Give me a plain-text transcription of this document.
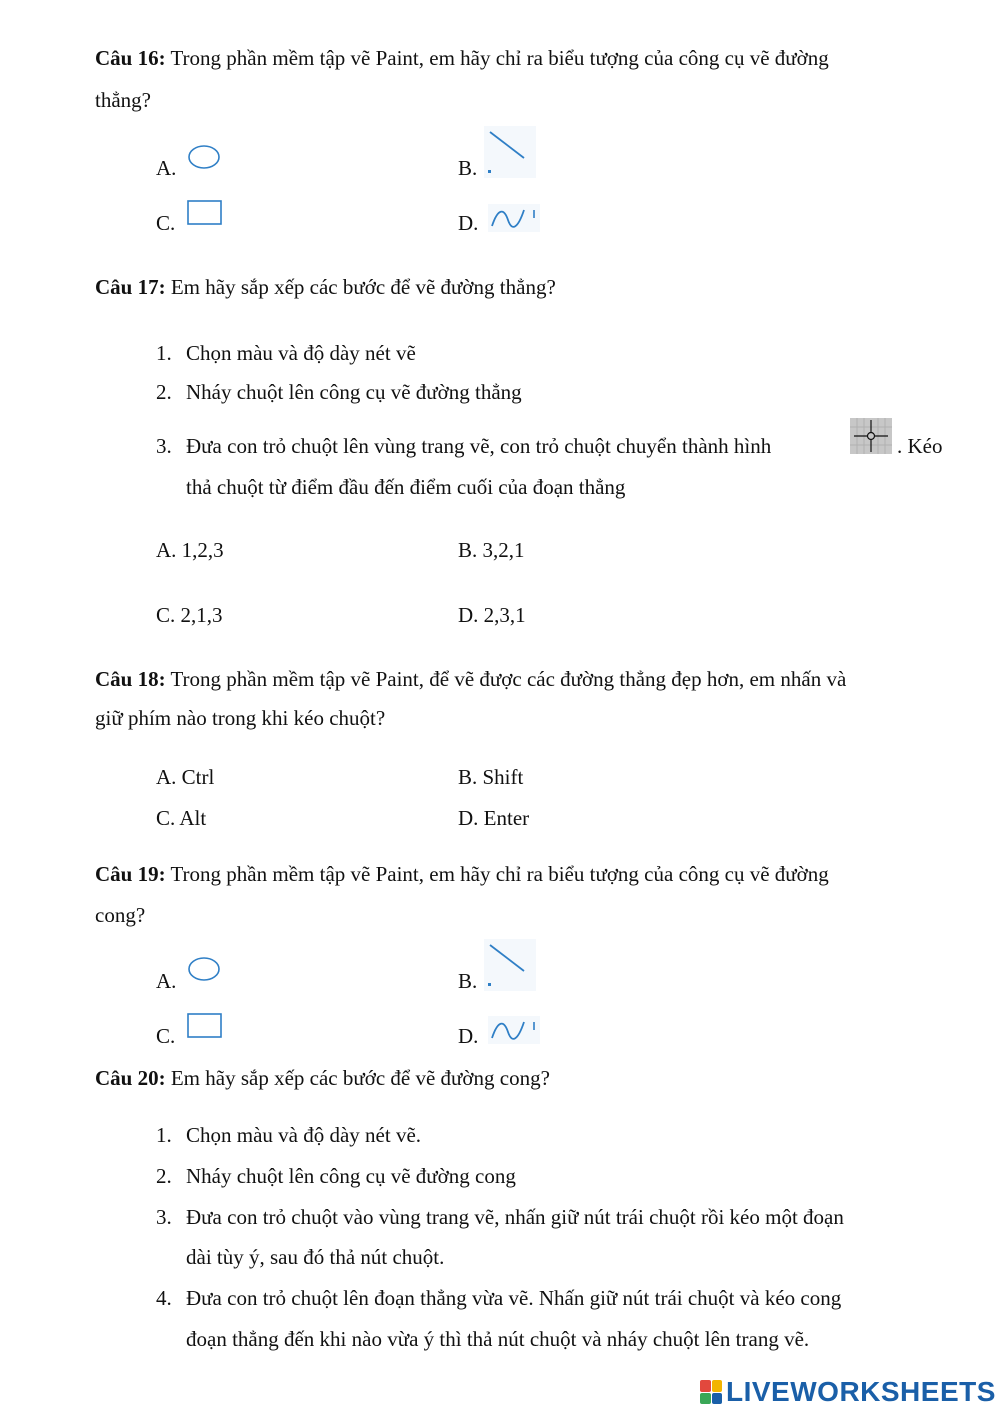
Câu 16: Trong phần mềm tập vẽ Paint, em hãy chỉ ra biểu tượng của công cụ vẽ đường
thẳng?
A.	B.
C.	D.
Câu 17: Em hãy sắp xếp các bước để vẽ đường thẳng?
1. Chọn màu và độ dày nét vẽ
2. Nháy chuột lên công cụ vẽ đường thẳng
3. Đưa con trỏ chuột lên vùng trang vẽ, con trỏ chuột chuyển thành hình	. Kéo
thả chuột từ điểm đầu đến điểm cuối của đoạn thẳng
A. 1,2,3	B. 3,2,1
C. 2,1,3	D. 2,3,1
Câu 18: Trong phần mềm tập vẽ Paint, để vẽ được các đường thẳng đẹp hơn, em nhấn và
giữ phím nào trong khi kéo chuột?
A. Ctrl	B. Shift
C. Alt	D. Enter
Câu 19: Trong phần mềm tập vẽ Paint, em hãy chỉ ra biểu tượng của công cụ vẽ đường
cong?
A.	B.
C.	D.
Câu 20: Em hãy sắp xếp các bước để vẽ đường cong?
1. Chọn màu và độ dày nét vẽ.
2. Nháy chuột lên công cụ vẽ đường cong
3. Đưa con trỏ chuột vào vùng trang vẽ, nhấn giữ nút trái chuột rồi kéo một đoạn
dài tùy ý, sau đó thả nút chuột.
4. Đưa con trỏ chuột lên đoạn thẳng vừa vẽ. Nhấn giữ nút trái chuột và kéo cong
đoạn thẳng đến khi nào vừa ý thì thả nút chuột và nháy chuột lên trang vẽ.
LIVEWORKSHEETS
